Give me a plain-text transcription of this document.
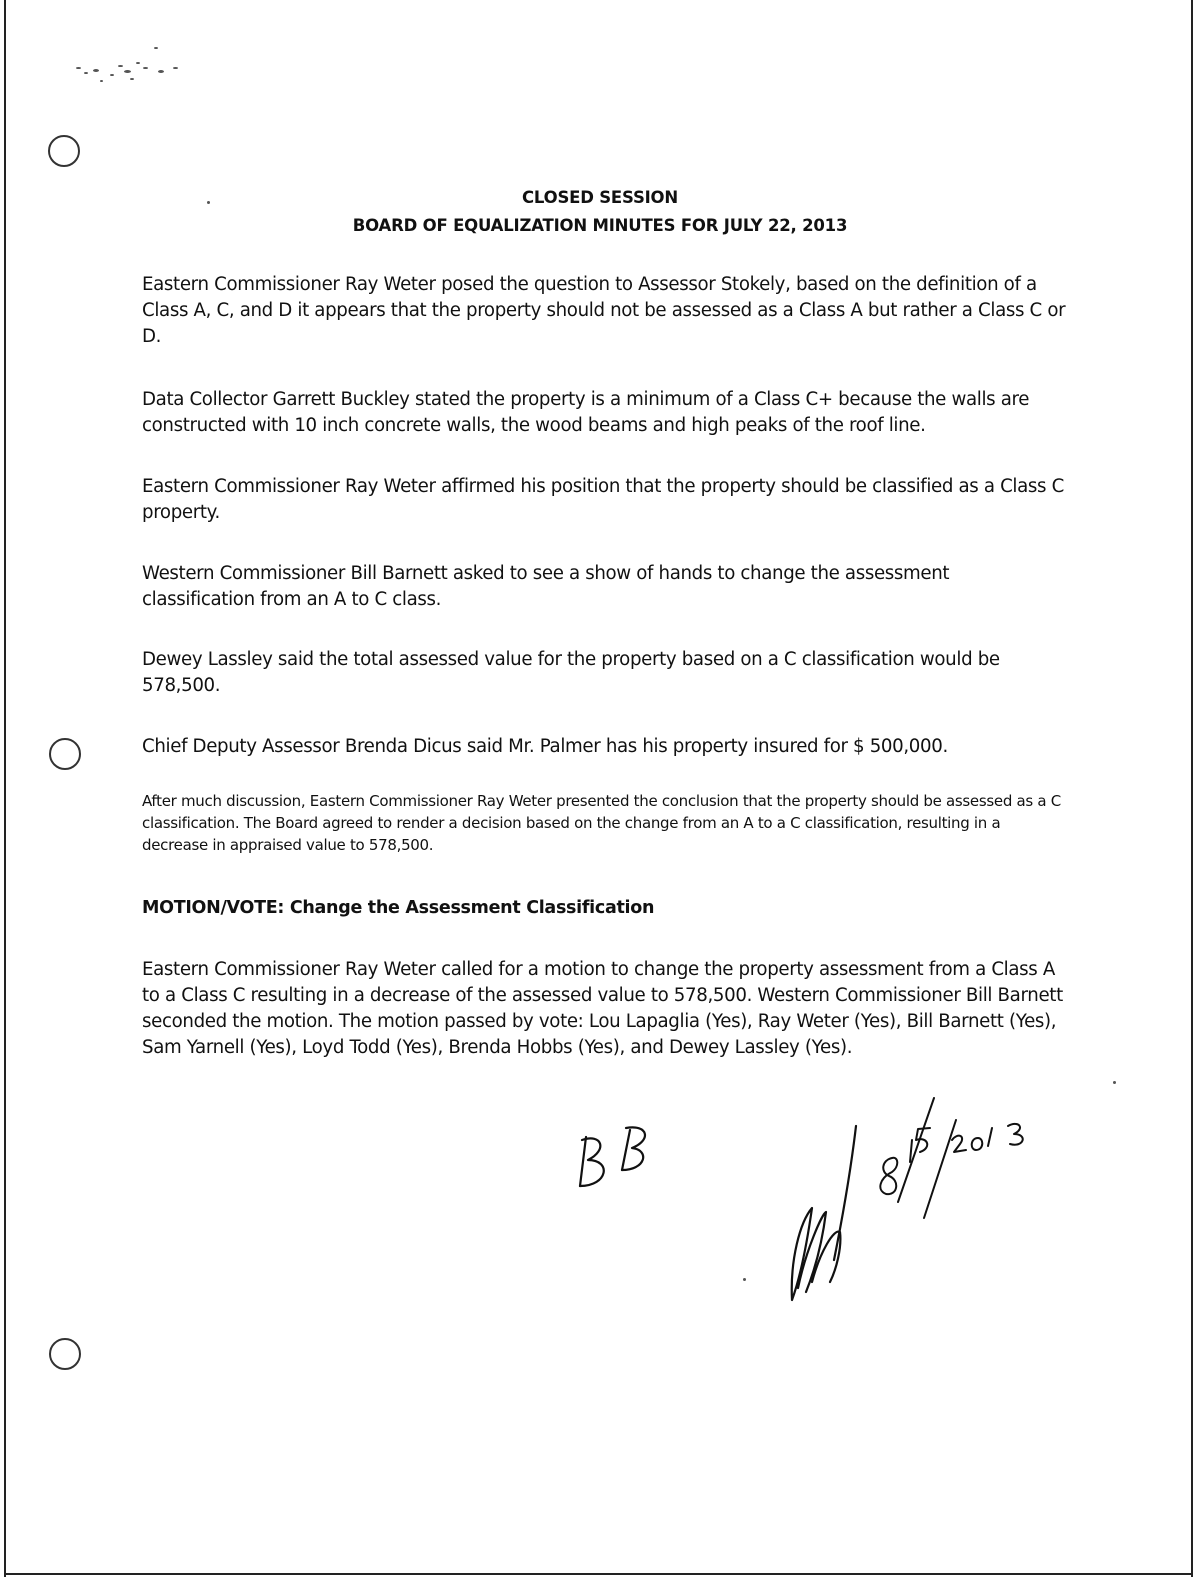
CLOSED SESSION
BOARD OF EQUALIZATION MINUTES FOR JULY 22, 2013

Eastern Commissioner Ray Weter posed the question to Assessor Stokely, based on the definition of a Class A, C, and D it appears that the property should not be assessed as a Class A but rather a Class C or D.

Data Collector Garrett Buckley stated the property is a minimum of a Class C+ because the walls are constructed with 10 inch concrete walls, the wood beams and high peaks of the roof line.

Eastern Commissioner Ray Weter affirmed his position that the property should be classified as a Class C property.

Western Commissioner Bill Barnett asked to see a show of hands to change the assessment classification from an A to C class.

Dewey Lassley said the total assessed value for the property based on a C classification would be 578,500.

Chief Deputy Assessor Brenda Dicus said Mr. Palmer has his property insured for $ 500,000.

After much discussion, Eastern Commissioner Ray Weter presented the conclusion that the property should be assessed as a C classification. The Board agreed to render a decision based on the change from an A to a C classification, resulting in a decrease in appraised value to 578,500.

MOTION/VOTE: Change the Assessment Classification

Eastern Commissioner Ray Weter called for a motion to change the property assessment from a Class A to a Class C resulting in a decrease of the assessed value to 578,500. Western Commissioner Bill Barnett seconded the motion. The motion passed by vote: Lou Lapaglia (Yes), Ray Weter (Yes), Bill Barnett (Yes), Sam Yarnell (Yes), Loyd Todd (Yes), Brenda Hobbs (Yes), and Dewey Lassley (Yes).
